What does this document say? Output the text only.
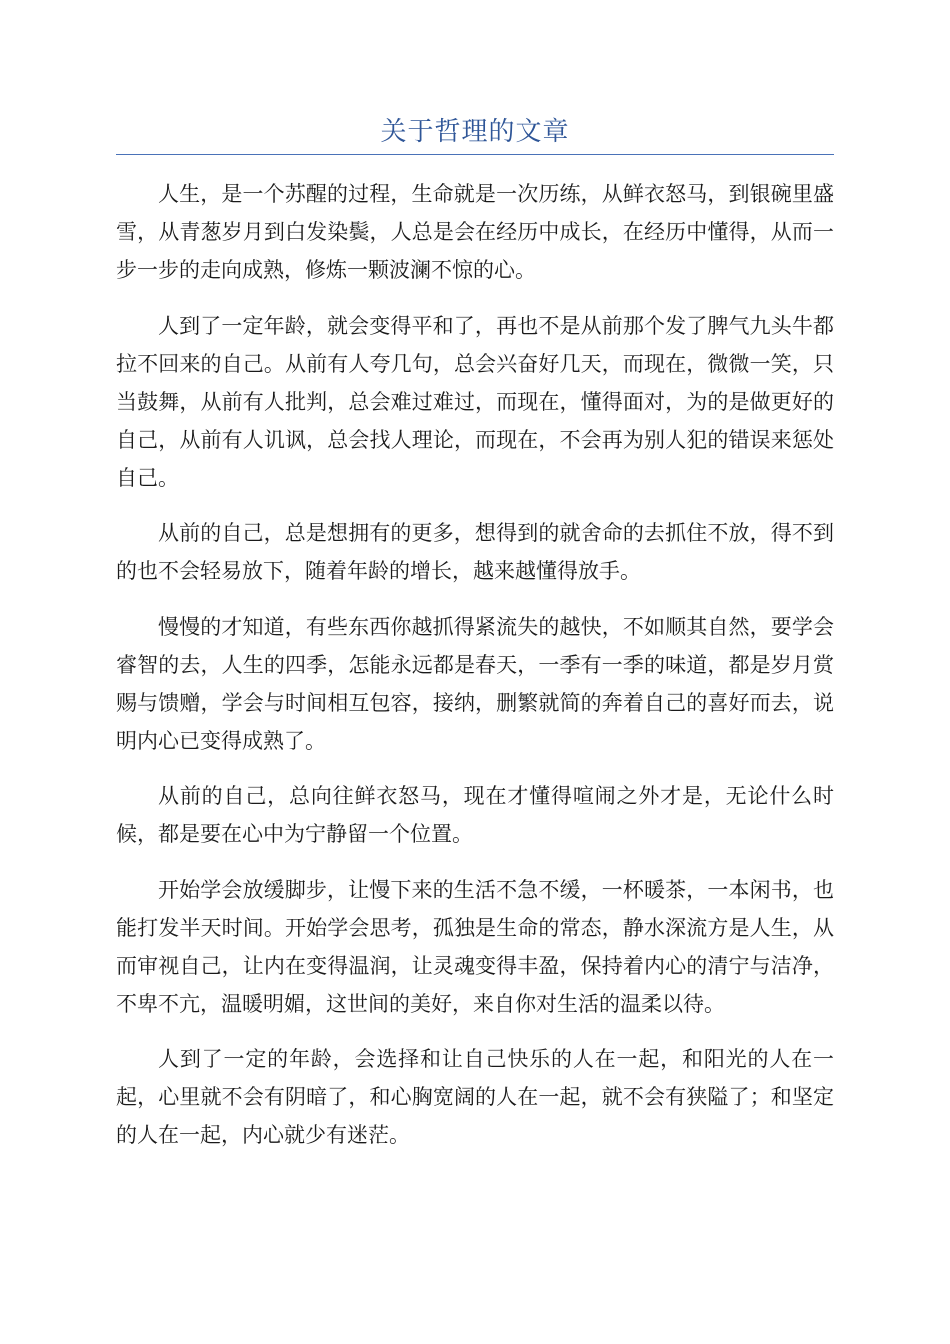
关于哲理的文章

人生，是一个苏醒的过程，生命就是一次历练，从鲜衣怒马，到银碗里盛雪，从青葱岁月到白发染鬓，人总是会在经历中成长，在经历中懂得，从而一步一步的走向成熟，修炼一颗波澜不惊的心。

人到了一定年龄，就会变得平和了，再也不是从前那个发了脾气九头牛都拉不回来的自己。从前有人夸几句，总会兴奋好几天，而现在，微微一笑，只当鼓舞，从前有人批判，总会难过难过，而现在，懂得面对，为的是做更好的自己，从前有人讥讽，总会找人理论，而现在，不会再为别人犯的错误来惩处自己。

从前的自己，总是想拥有的更多，想得到的就舍命的去抓住不放，得不到的也不会轻易放下，随着年龄的增长，越来越懂得放手。

慢慢的才知道，有些东西你越抓得紧流失的越快，不如顺其自然，要学会睿智的去，人生的四季，怎能永远都是春天，一季有一季的味道，都是岁月赏赐与馈赠，学会与时间相互包容，接纳，删繁就简的奔着自己的喜好而去，说明内心已变得成熟了。

从前的自己，总向往鲜衣怒马，现在才懂得喧闹之外才是，无论什么时候，都是要在心中为宁静留一个位置。

开始学会放缓脚步，让慢下来的生活不急不缓，一杯暖茶，一本闲书，也能打发半天时间。开始学会思考，孤独是生命的常态，静水深流方是人生，从而审视自己，让内在变得温润，让灵魂变得丰盈，保持着内心的清宁与洁净，不卑不亢，温暖明媚，这世间的美好，来自你对生活的温柔以待。

人到了一定的年龄，会选择和让自己快乐的人在一起，和阳光的人在一起，心里就不会有阴暗了，和心胸宽阔的人在一起，就不会有狭隘了；和坚定的人在一起，内心就少有迷茫。
